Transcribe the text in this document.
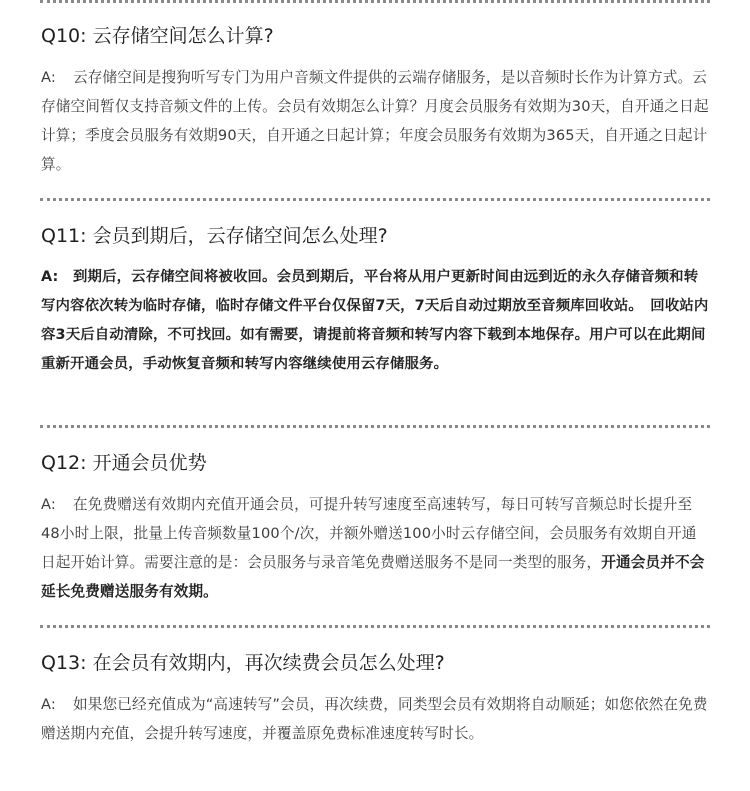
Q10: 云存储空间怎么计算?

A: 云存储空间是搜狗听写专门为用户音频文件提供的云端存储服务，是以音频时长作为计算方式。云存储空间暂仅支持音频文件的上传。会员有效期怎么计算？月度会员服务有效期为30天，自开通之日起计算；季度会员服务有效期90天，自开通之日起计算；年度会员服务有效期为365天，自开通之日起计算。

Q11: 会员到期后，云存储空间怎么处理?

A: 到期后，云存储空间将被收回。会员到期后，平台将从用户更新时间由远到近的永久存储音频和转写内容依次转为临时存储，临时存储文件平台仅保留7天，7天后自动过期放至音频库回收站。　回收站内容3天后自动清除，不可找回。如有需要，请提前将音频和转写内容下载到本地保存。用户可以在此期间重新开通会员，手动恢复音频和转写内容继续使用云存储服务。

Q12: 开通会员优势

A: 在免费赠送有效期内充值开通会员，可提升转写速度至高速转写，每日可转写音频总时长提升至48小时上限，批量上传音频数量100个/次，并额外赠送100小时云存储空间，会员服务有效期自开通日起开始计算。需要注意的是：会员服务与录音笔免费赠送服务不是同一类型的服务，开通会员并不会延长免费赠送服务有效期。

Q13: 在会员有效期内，再次续费会员怎么处理?

A: 如果您已经充值成为“高速转写”会员，再次续费，同类型会员有效期将自动顺延；如您依然在免费赠送期内充值，会提升转写速度，并覆盖原免费标准速度转写时长。
